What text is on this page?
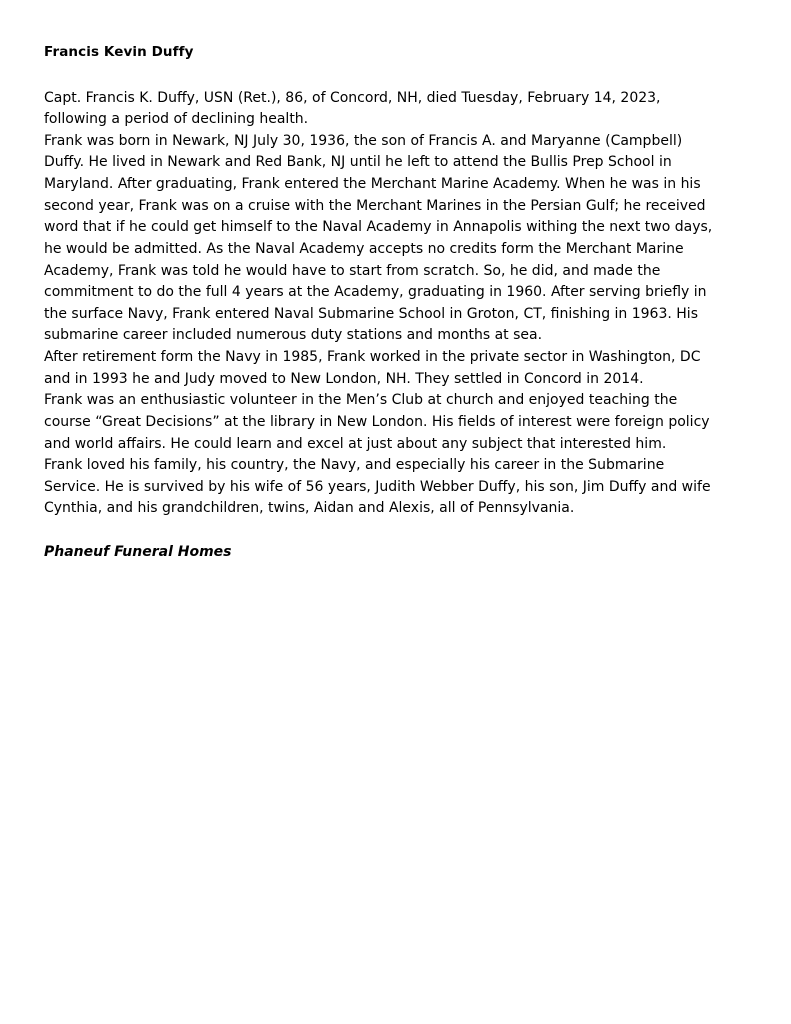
Francis Kevin Duffy

Capt. Francis K. Duffy, USN (Ret.), 86, of Concord, NH, died Tuesday, February 14, 2023, following a period of declining health.

Frank was born in Newark, NJ July 30, 1936, the son of Francis A. and Maryanne (Campbell) Duffy. He lived in Newark and Red Bank, NJ until he left to attend the Bullis Prep School in Maryland. After graduating, Frank entered the Merchant Marine Academy. When he was in his second year, Frank was on a cruise with the Merchant Marines in the Persian Gulf; he received word that if he could get himself to the Naval Academy in Annapolis withing the next two days, he would be admitted. As the Naval Academy accepts no credits form the Merchant Marine Academy, Frank was told he would have to start from scratch. So, he did, and made the commitment to do the full 4 years at the Academy, graduating in 1960. After serving briefly in the surface Navy, Frank entered Naval Submarine School in Groton, CT, finishing in 1963. His submarine career included numerous duty stations and months at sea.

After retirement form the Navy in 1985, Frank worked in the private sector in Washington, DC and in 1993 he and Judy moved to New London, NH. They settled in Concord in 2014.

Frank was an enthusiastic volunteer in the Men’s Club at church and enjoyed teaching the course “Great Decisions” at the library in New London. His fields of interest were foreign policy and world affairs. He could learn and excel at just about any subject that interested him.

Frank loved his family, his country, the Navy, and especially his career in the Submarine Service. He is survived by his wife of 56 years, Judith Webber Duffy, his son, Jim Duffy and wife Cynthia, and his grandchildren, twins, Aidan and Alexis, all of Pennsylvania.

Phaneuf Funeral Homes
